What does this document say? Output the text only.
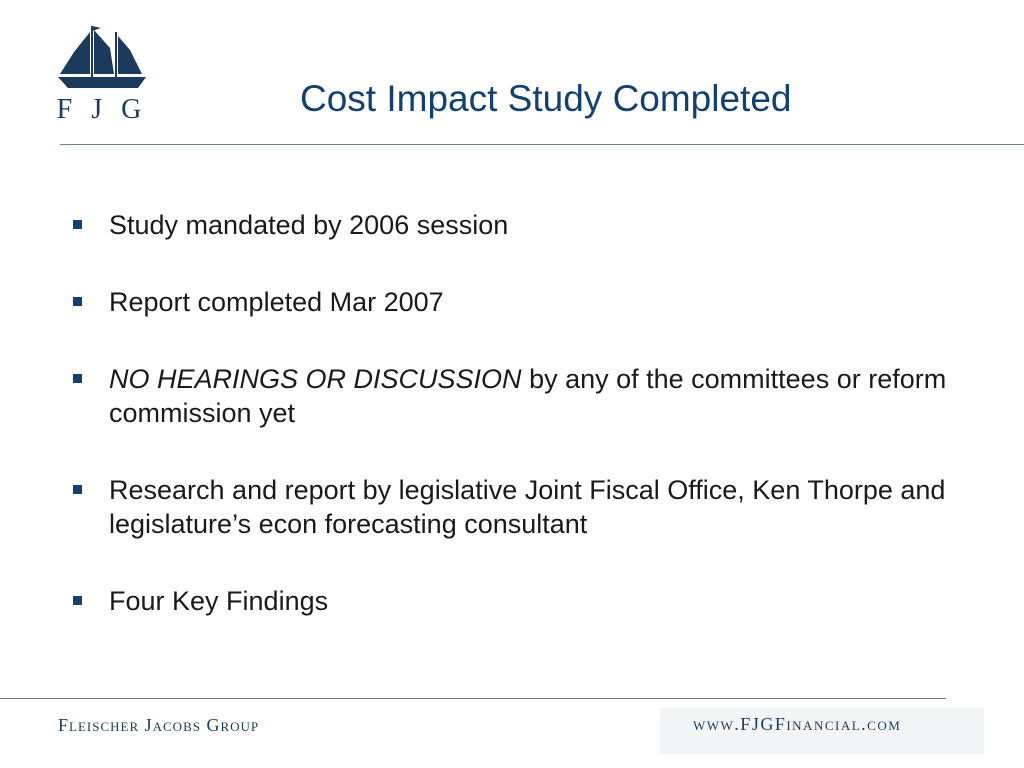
F J G	Cost Impact Study Completed
Study mandated by 2006 session
Report completed Mar 2007
NO HEARINGS OR DISCUSSION by any of the committees or reform commission yet
Research and report by legislative Joint Fiscal Office, Ken Thorpe and legislature’s econ forecasting consultant
Four Key Findings
Fleischer Jacobs Group	www.FJGFinancial.com
